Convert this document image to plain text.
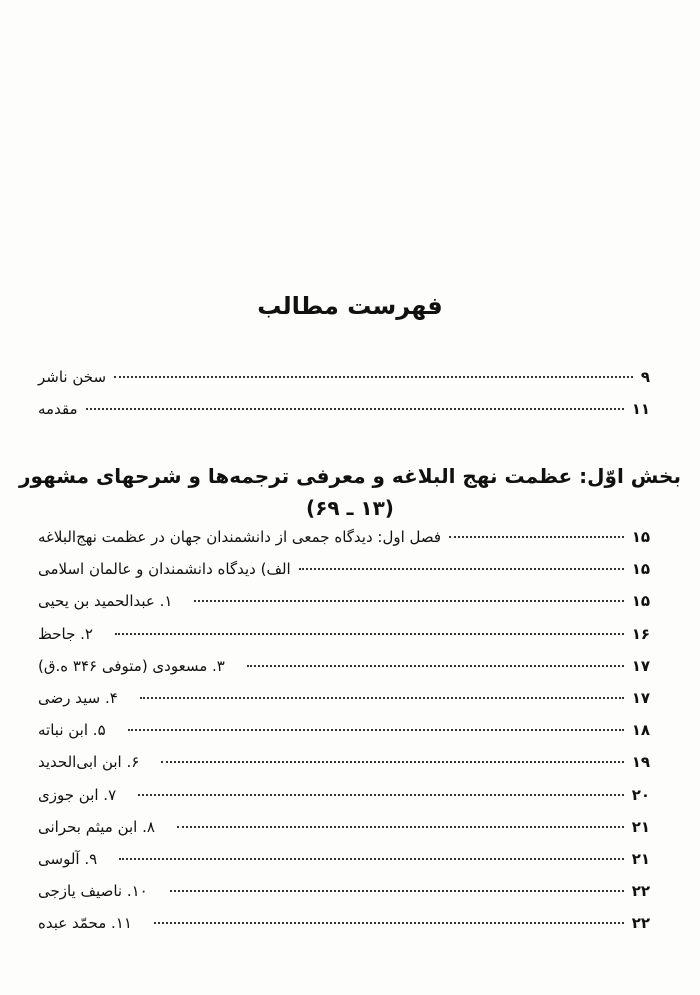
فهرست مطالب
سخن ناشر	۹
مقدمه	۱۱
بخش اوّل: عظمت نهج البلاغه و معرفی ترجمه‌ها و شرحهای مشهور
(۱۳ ـ ۶۹)
فصل اول: دیدگاه جمعی از دانشمندان جهان در عظمت نهج‌البلاغه	۱۵
الف) دیدگاه دانشمندان و عالمان اسلامی	۱۵
۱. عبدالحمید بن یحیی	۱۵
۲. جاحظ	۱۶
۳. مسعودی (متوفی ۳۴۶ ه.ق)	۱۷
۴. سید رضی	۱۷
۵. ابن نباته	۱۸
۶. ابن ابی‌الحدید	۱۹
۷. ابن جوزی	۲۰
۸. ابن میثم بحرانی	۲۱
۹. آلوسی	۲۱
۱۰. ناصیف یازجی	۲۲
۱۱. محمّد عبده	۲۲
